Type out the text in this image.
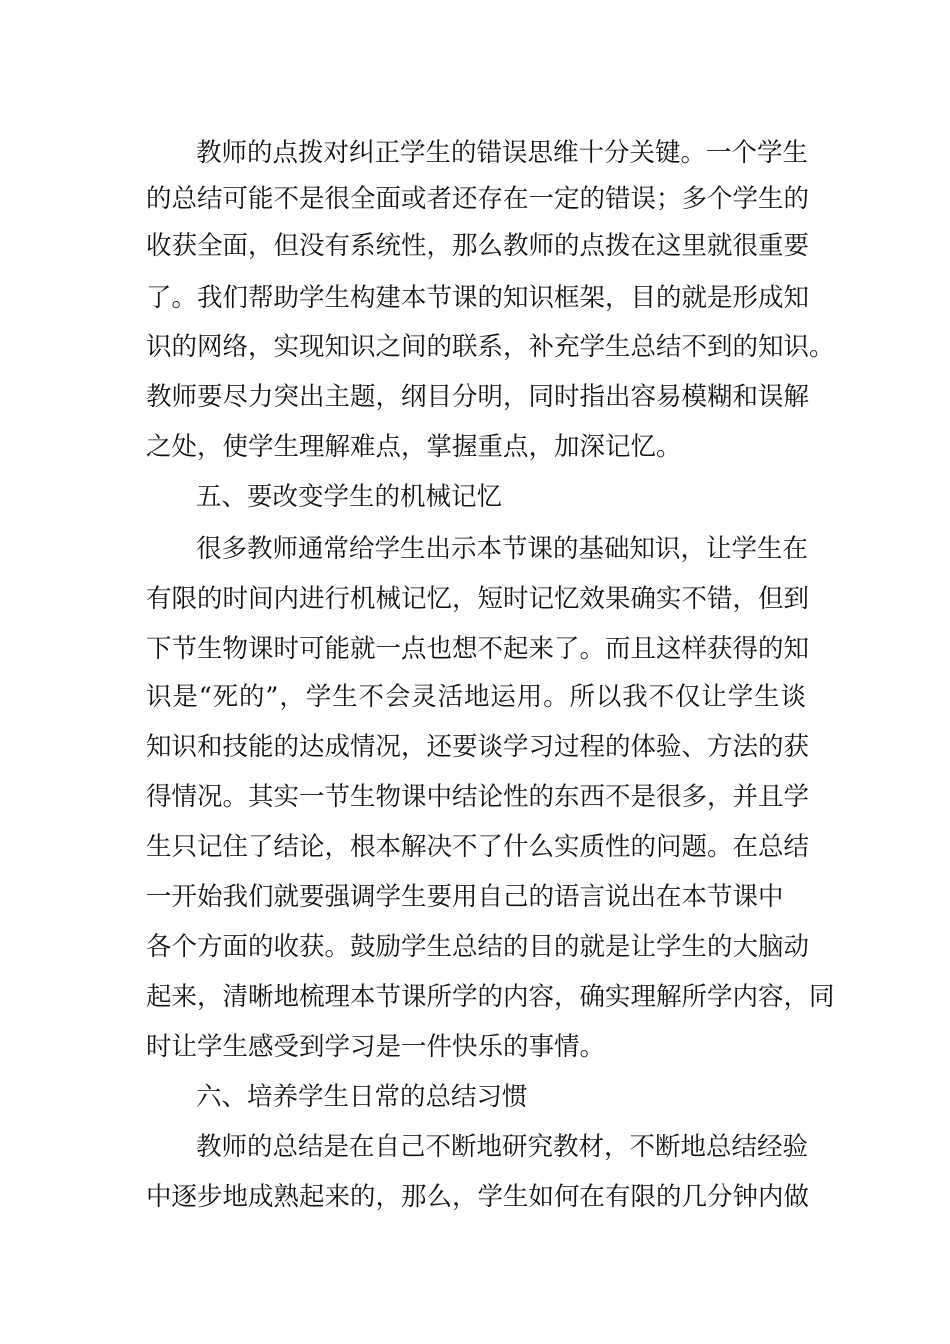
教师的点拨对纠正学生的错误思维十分关键。一个学生
的总结可能不是很全面或者还存在一定的错误；多个学生的
收获全面，但没有系统性，那么教师的点拨在这里就很重要
了。我们帮助学生构建本节课的知识框架，目的就是形成知
识的网络，实现知识之间的联系，补充学生总结不到的知识。
教师要尽力突出主题，纲目分明，同时指出容易模糊和误解
之处，使学生理解难点，掌握重点，加深记忆。
五、要改变学生的机械记忆
很多教师通常给学生出示本节课的基础知识，让学生在
有限的时间内进行机械记忆，短时记忆效果确实不错，但到
下节生物课时可能就一点也想不起来了。而且这样获得的知
识是“死的”，学生不会灵活地运用。所以我不仅让学生谈
知识和技能的达成情况，还要谈学习过程的体验、方法的获
得情况。其实一节生物课中结论性的东西不是很多，并且学
生只记住了结论，根本解决不了什么实质性的问题。在总结
一开始我们就要强调学生要用自己的语言说出在本节课中
各个方面的收获。鼓励学生总结的目的就是让学生的大脑动
起来，清晰地梳理本节课所学的内容，确实理解所学内容，同
时让学生感受到学习是一件快乐的事情。
六、培养学生日常的总结习惯
教师的总结是在自己不断地研究教材，不断地总结经验
中逐步地成熟起来的，那么，学生如何在有限的几分钟内做
